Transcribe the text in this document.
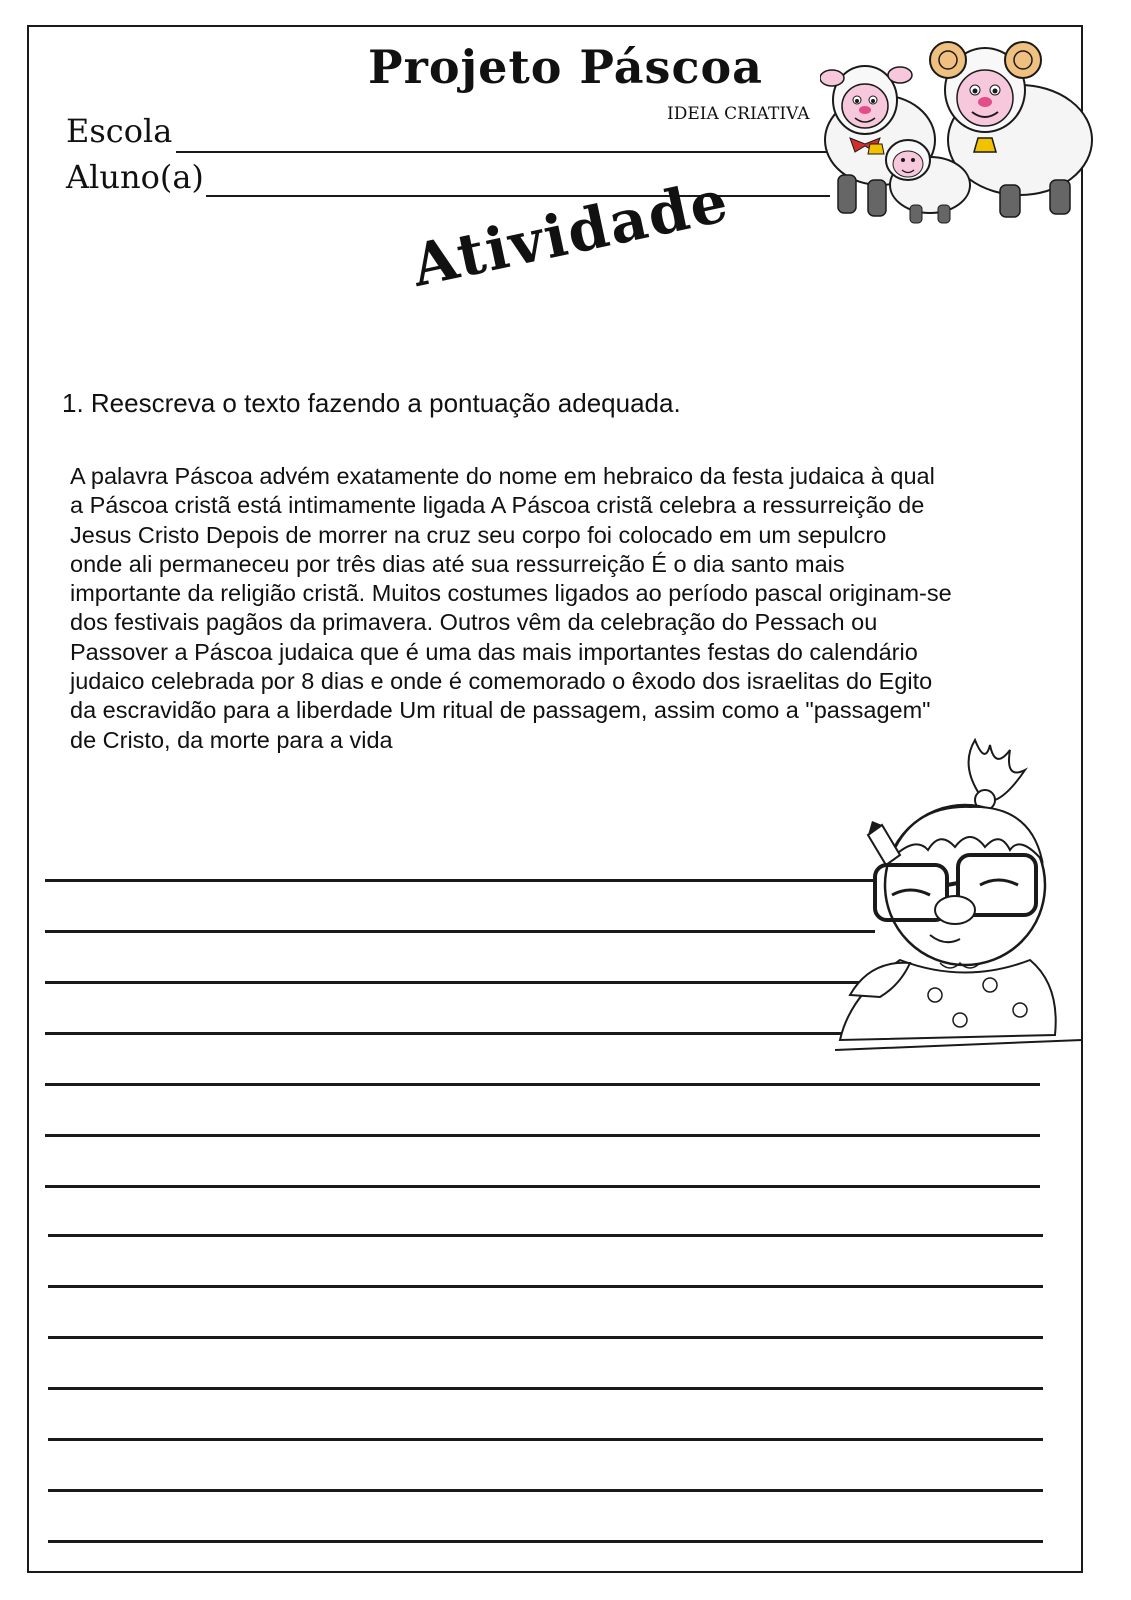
Projeto Páscoa
IDEIA CRIATIVA
Escola
Aluno(a)	Atividade
1. Reescreva o texto fazendo a pontuação adequada.
A palavra Páscoa advém exatamente do nome em hebraico da festa judaica à qual
a Páscoa cristã está intimamente ligada A Páscoa cristã celebra a ressurreição de
Jesus Cristo Depois de morrer na cruz seu corpo foi colocado em um sepulcro
onde ali permaneceu por três dias até sua ressurreição É o dia santo mais
importante da religião cristã. Muitos costumes ligados ao período pascal originam-se
dos festivais pagãos da primavera. Outros vêm da celebração do Pessach ou
Passover a Páscoa judaica que é uma das mais importantes festas do calendário
judaico celebrada por 8 dias e onde é comemorado o êxodo dos israelitas do Egito
da escravidão para a liberdade Um ritual de passagem, assim como a "passagem"
de Cristo, da morte para a vida
